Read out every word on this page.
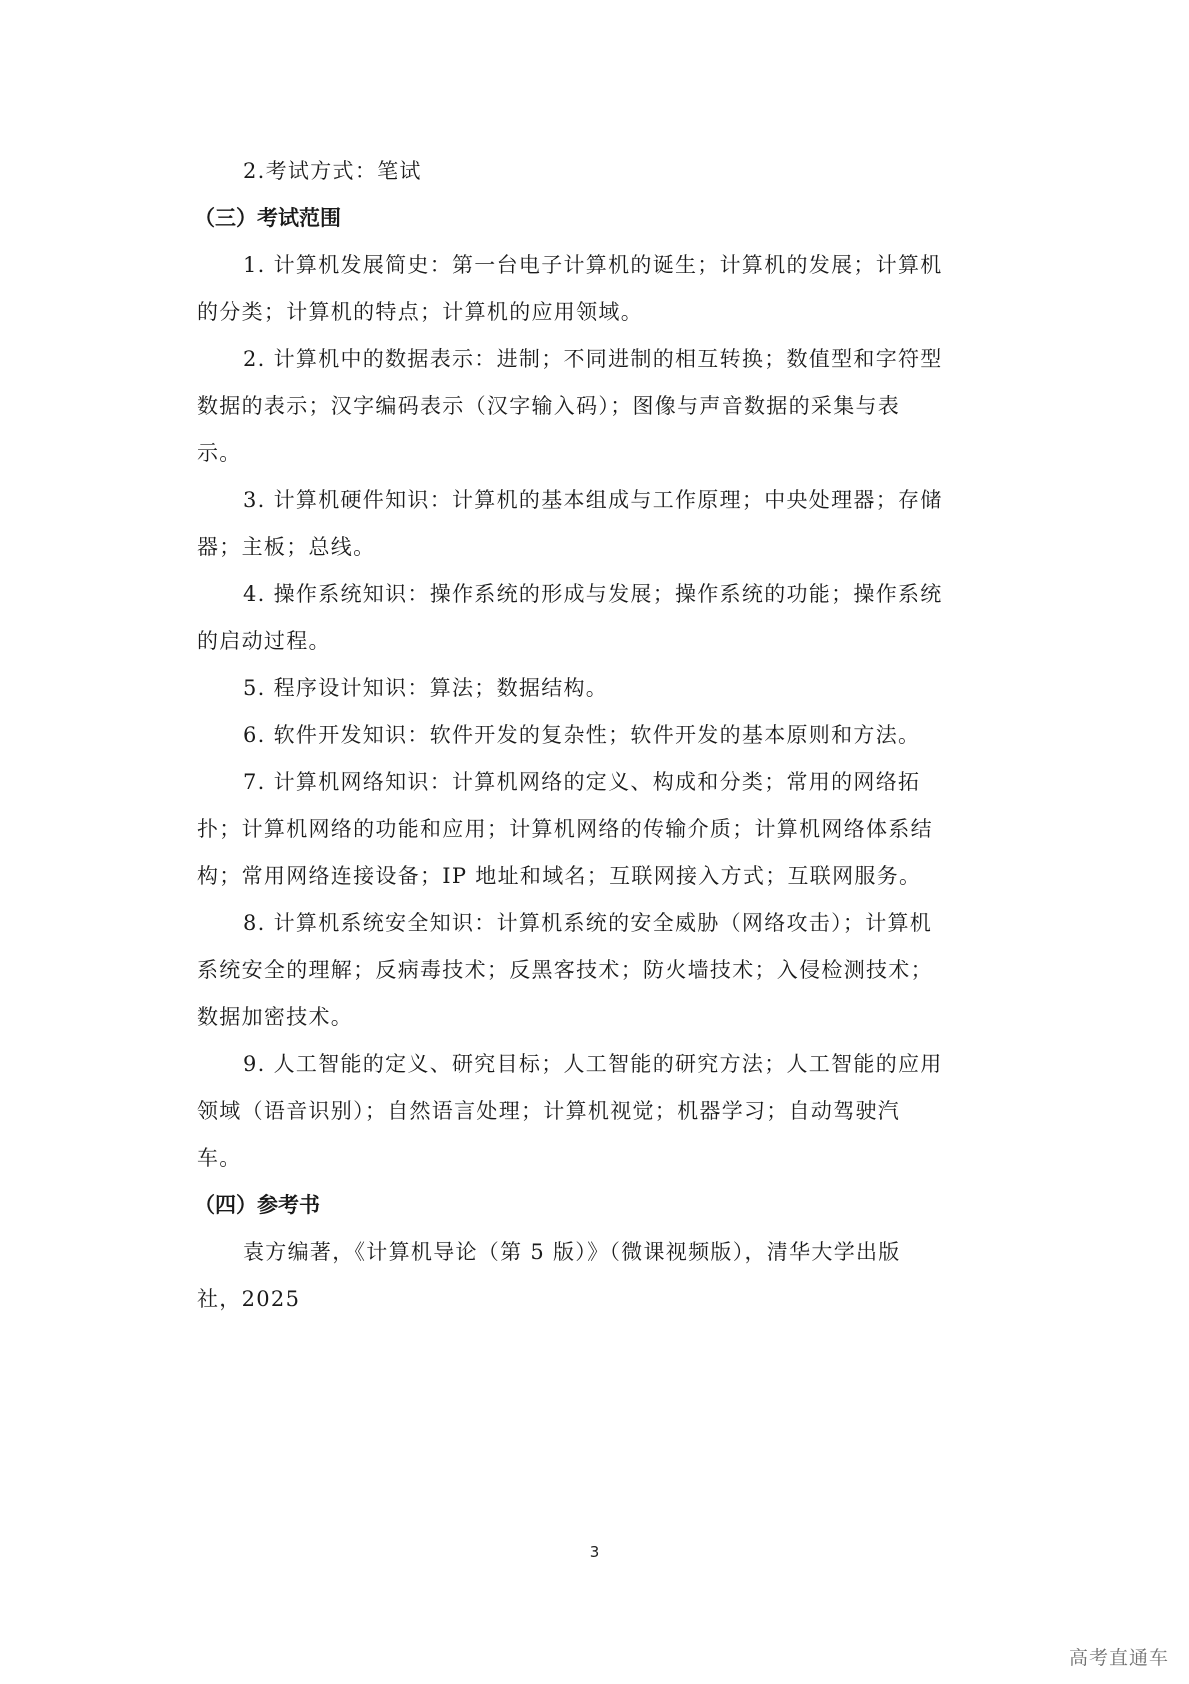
2.考试方式：笔试
（三）考试范围
1. 计算机发展简史：第一台电子计算机的诞生；计算机的发展；计算机
的分类；计算机的特点；计算机的应用领域。
2. 计算机中的数据表示：进制；不同进制的相互转换；数值型和字符型
数据的表示；汉字编码表示（汉字输入码）；图像与声音数据的采集与表
示。
3. 计算机硬件知识：计算机的基本组成与工作原理；中央处理器；存储
器；主板；总线。
4. 操作系统知识：操作系统的形成与发展；操作系统的功能；操作系统
的启动过程。
5. 程序设计知识：算法；数据结构。
6. 软件开发知识：软件开发的复杂性；软件开发的基本原则和方法。
7. 计算机网络知识：计算机网络的定义、构成和分类；常用的网络拓
扑；计算机网络的功能和应用；计算机网络的传输介质；计算机网络体系结
构；常用网络连接设备；IP 地址和域名；互联网接入方式；互联网服务。
8. 计算机系统安全知识：计算机系统的安全威胁（网络攻击）；计算机
系统安全的理解；反病毒技术；反黑客技术；防火墙技术；入侵检测技术；
数据加密技术。
9. 人工智能的定义、研究目标；人工智能的研究方法；人工智能的应用
领域（语音识别）；自然语言处理；计算机视觉；机器学习；自动驾驶汽
车。
（四）参考书
袁方编著，《计算机导论（第 5 版）》（微课视频版），清华大学出版
社，2025
3
高考直通车
